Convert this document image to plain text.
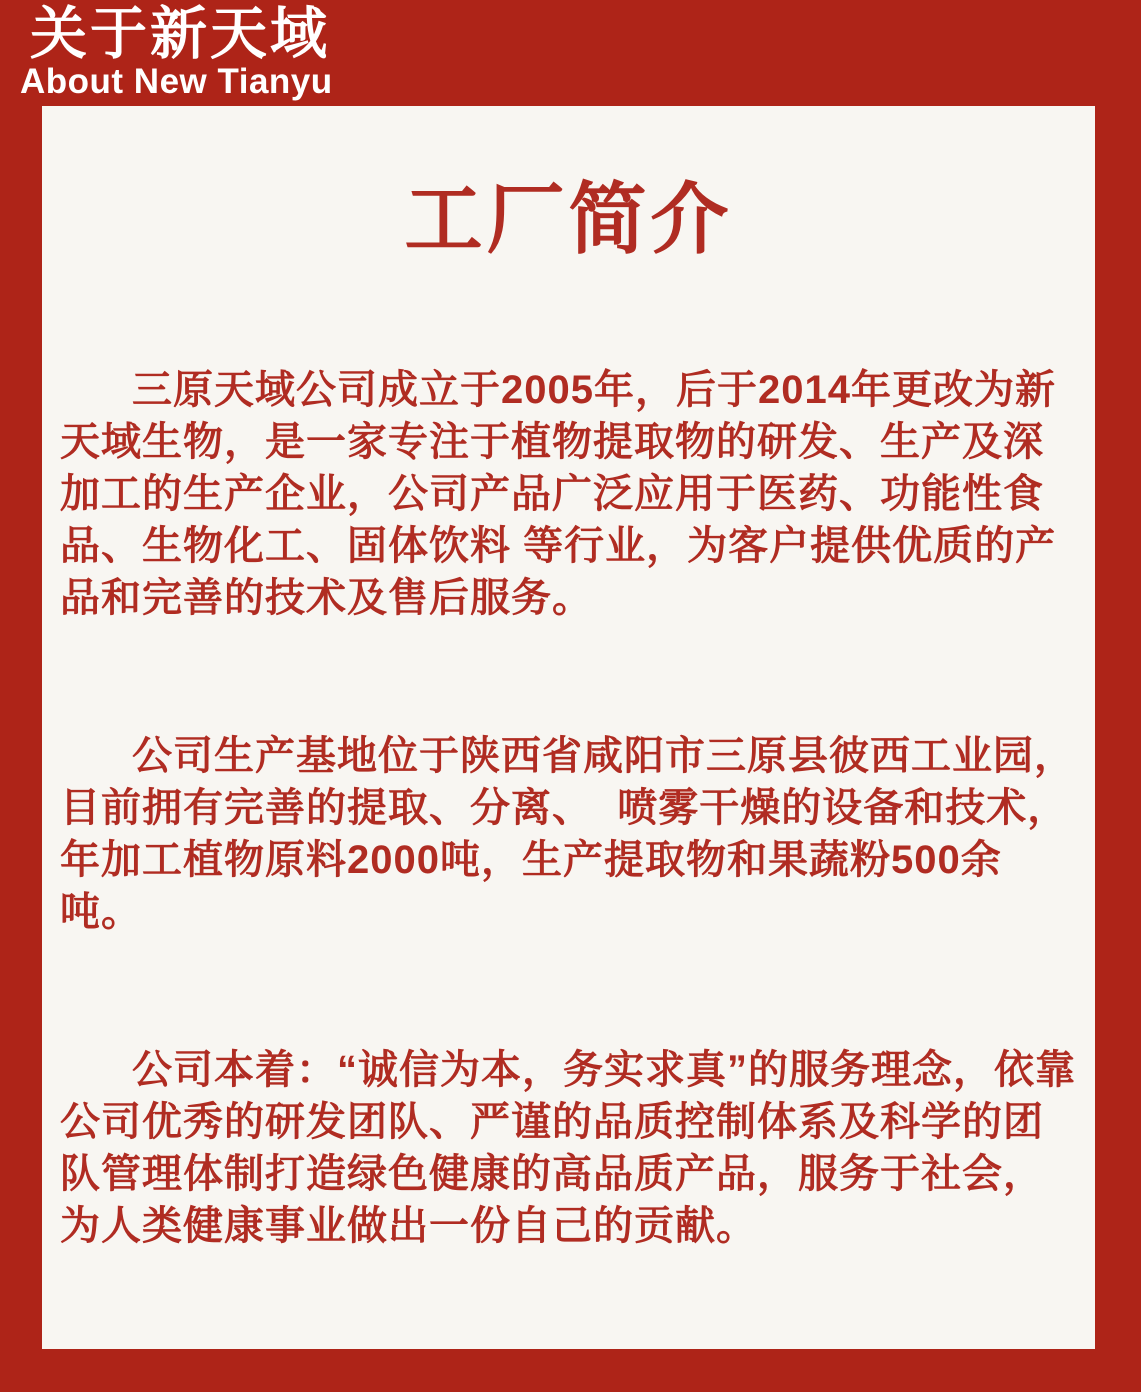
关于新天域
About New Tianyu
工厂简介

三原天域公司成立于2005年，后于2014年更改为新天域生物，是一家专注于植物提取物的研发、生产及深加工的生产企业，公司产品广泛应用于医药、功能性食品、生物化工、固体饮料 等行业，为客户提供优质的产品和完善的技术及售后服务。

公司生产基地位于陕西省咸阳市三原县彼西工业园，目前拥有完善的提取、分离、  喷雾干燥的设备和技术，年加工植物原料2000吨，生产提取物和果蔬粉500余吨。

公司本着：“诚信为本，务实求真”的服务理念，依靠公司优秀的研发团队、严谨的品质控制体系及科学的团队管理体制打造绿色健康的高品质产品，服务于社会，为人类健康事业做出一份自己的贡献。
